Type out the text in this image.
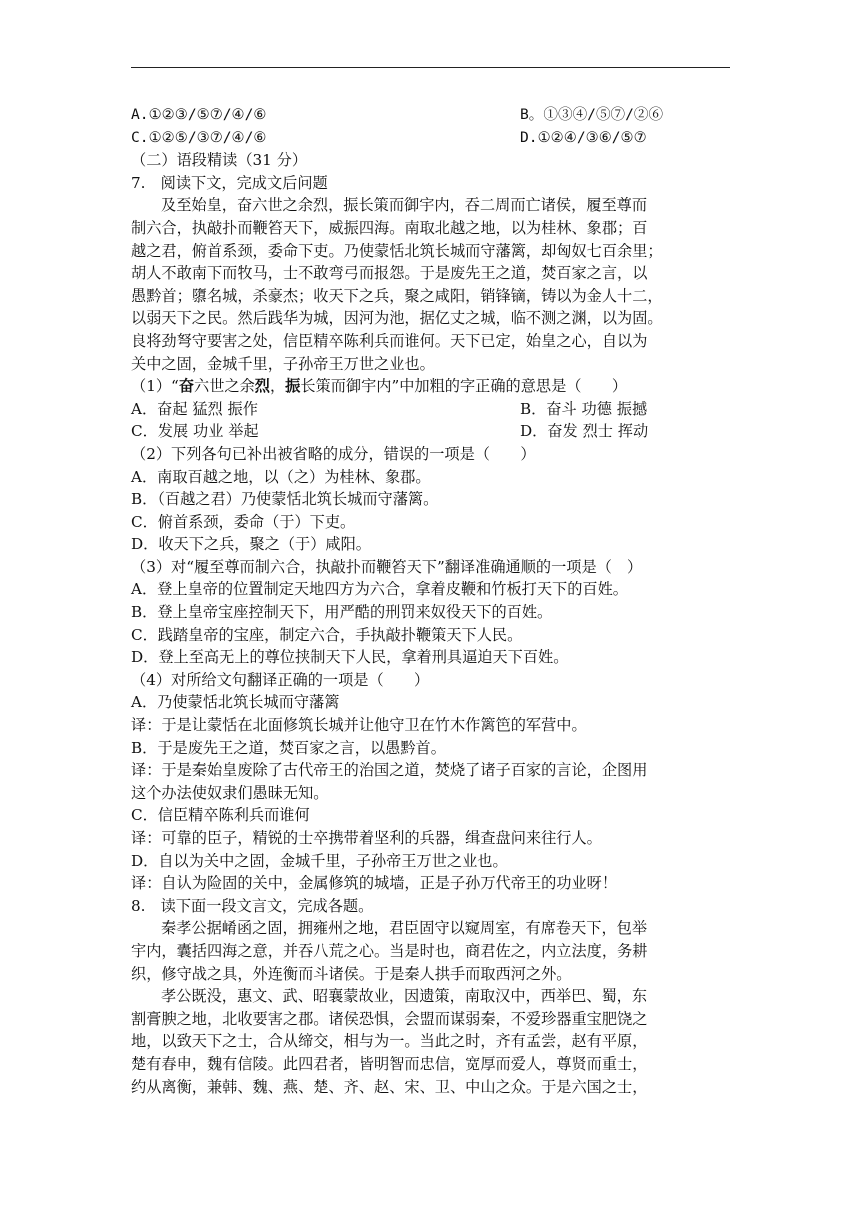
A.①②③/⑤⑦/④/⑥	B。①③④/⑤⑦/②⑥
C.①②⑤/③⑦/④/⑥	D.①②④/③⑥/⑤⑦
（二）语段精读（31 分）
7.　阅读下文，完成文后问题
及至始皇，奋六世之余烈，振长策而御宇内，吞二周而亡诸侯，履至尊而
制六合，执敲扑而鞭笞天下，威振四海。南取北越之地，以为桂林、象郡；百
越之君，俯首系颈，委命下吏。乃使蒙恬北筑长城而守藩篱，却匈奴七百余里；
胡人不敢南下而牧马，士不敢弯弓而报怨。于是废先王之道，焚百家之言，以
愚黔首；隳名城，杀豪杰；收天下之兵，聚之咸阳，销锋镝，铸以为金人十二，
以弱天下之民。然后践华为城，因河为池，据亿丈之城，临不测之渊，以为固。
良将劲弩守要害之处，信臣精卒陈利兵而谁何。天下已定，始皇之心，自以为
关中之固，金城千里，子孙帝王万世之业也。
（1）“奋六世之余烈，振长策而御宇内”中加粗的字正确的意思是（　　）
A．奋起 猛烈 振作	B．奋斗 功德 振撼
C．发展 功业 举起	D．奋发 烈士 挥动
（2）下列各句已补出被省略的成分，错误的一项是（　　）
A．南取百越之地，以（之）为桂林、象郡。
B．（百越之君）乃使蒙恬北筑长城而守藩篱。
C．俯首系颈，委命（于）下吏。
D．收天下之兵，聚之（于）咸阳。
（3）对“履至尊而制六合，执敲扑而鞭笞天下”翻译准确通顺的一项是（　）
A．登上皇帝的位置制定天地四方为六合，拿着皮鞭和竹板打天下的百姓。
B．登上皇帝宝座控制天下，用严酷的刑罚来奴役天下的百姓。
C．践踏皇帝的宝座，制定六合，手执敲扑鞭策天下人民。
D．登上至高无上的尊位挟制天下人民，拿着刑具逼迫天下百姓。
（4）对所给文句翻译正确的一项是（　　）
A．乃使蒙恬北筑长城而守藩篱
译：于是让蒙恬在北面修筑长城并让他守卫在竹木作篱笆的军营中。
B．于是废先王之道，焚百家之言，以愚黔首。
译：于是秦始皇废除了古代帝王的治国之道，焚烧了诸子百家的言论，企图用
这个办法使奴隶们愚昧无知。
C．信臣精卒陈利兵而谁何
译：可靠的臣子，精锐的士卒携带着坚利的兵器，缉查盘问来往行人。
D．自以为关中之固，金城千里，子孙帝王万世之业也。
译：自认为险固的关中，金属修筑的城墙，正是子孙万代帝王的功业呀！
8.　读下面一段文言文，完成各题。
秦孝公据崤函之固，拥雍州之地，君臣固守以窥周室，有席卷天下，包举
宇内，囊括四海之意，并吞八荒之心。当是时也，商君佐之，内立法度，务耕
织，修守战之具，外连衡而斗诸侯。于是秦人拱手而取西河之外。
孝公既没，惠文、武、昭襄蒙故业，因遗策，南取汉中，西举巴、蜀，东
割膏腴之地，北收要害之郡。诸侯恐惧，会盟而谋弱秦，不爱珍器重宝肥饶之
地，以致天下之士，合从缔交，相与为一。当此之时，齐有孟尝，赵有平原，
楚有春申，魏有信陵。此四君者，皆明智而忠信，宽厚而爱人，尊贤而重士，
约从离衡，兼韩、魏、燕、楚、齐、赵、宋、卫、中山之众。于是六国之士，
